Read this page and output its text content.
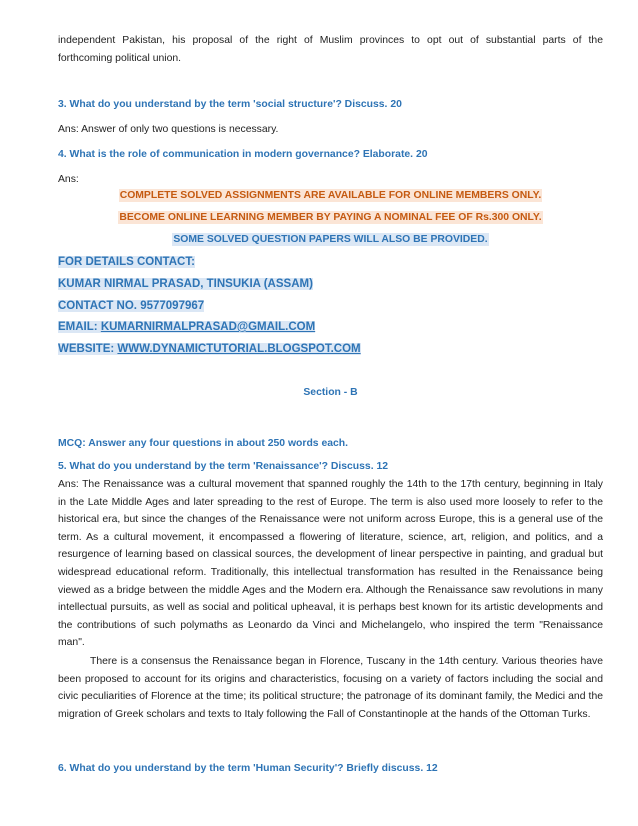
independent Pakistan, his proposal of the right of Muslim provinces to opt out of substantial parts of the
forthcoming political union.

3. What do you understand by the term 'social structure'? Discuss. 20

Ans: Answer of only two questions is necessary.

4. What is the role of communication in modern governance? Elaborate. 20

Ans:

COMPLETE SOLVED ASSIGNMENTS ARE AVAILABLE FOR ONLINE MEMBERS ONLY.

BECOME ONLINE LEARNING MEMBER BY PAYING A NOMINAL FEE OF Rs.300 ONLY.

SOME SOLVED QUESTION PAPERS WILL ALSO BE PROVIDED.

FOR DETAILS CONTACT:

KUMAR NIRMAL PRASAD, TINSUKIA (ASSAM)

CONTACT NO. 9577097967

EMAIL: KUMARNIRMALPRASAD@GMAIL.COM

WEBSITE: WWW.DYNAMICTUTORIAL.BLOGSPOT.COM

Section - B

MCQ: Answer any four questions in about 250 words each.

5. What do you understand by the term 'Renaissance'? Discuss. 12

Ans: The Renaissance was a cultural movement that spanned roughly the 14th to the 17th century, beginning in Italy in the Late Middle Ages and later spreading to the rest of Europe. The term is also used more loosely to refer to the historical era, but since the changes of the Renaissance were not uniform across Europe, this is a general use of the term. As a cultural movement, it encompassed a flowering of literature, science, art, religion, and politics, and a resurgence of learning based on classical sources, the development of linear perspective in painting, and gradual but widespread educational reform. Traditionally, this intellectual transformation has resulted in the Renaissance being viewed as a bridge between the middle Ages and the Modern era. Although the Renaissance saw revolutions in many intellectual pursuits, as well as social and political upheaval, it is perhaps best known for its artistic developments and the contributions of such polymaths as Leonardo da Vinci and Michelangelo, who inspired the term "Renaissance man".

There is a consensus the Renaissance began in Florence, Tuscany in the 14th century. Various theories have been proposed to account for its origins and characteristics, focusing on a variety of factors including the social and civic peculiarities of Florence at the time; its political structure; the patronage of its dominant family, the Medici and the migration of Greek scholars and texts to Italy following the Fall of Constantinople at the hands of the Ottoman Turks.

6. What do you understand by the term 'Human Security'? Briefly discuss. 12
